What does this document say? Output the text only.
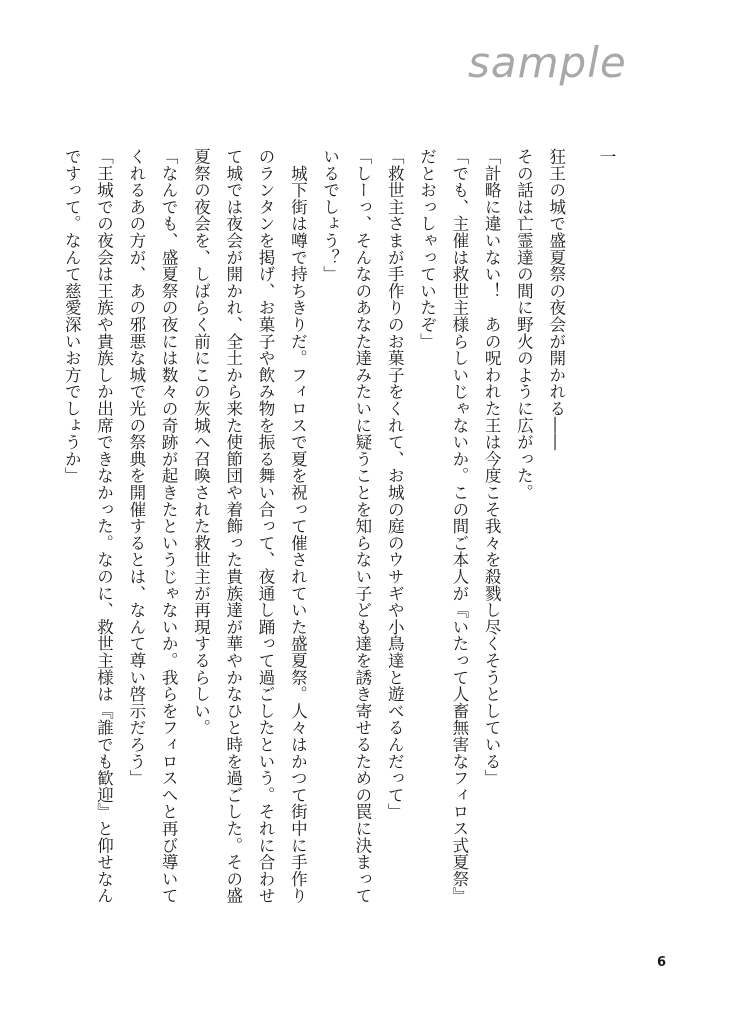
sample
一
狂王の城で盛夏祭の夜会が開かれる――
その話は亡霊達の間に野火のように広がった。
「計略に違いない！　あの呪われた王は今度こそ我々を殺戮し尽くそうとしている」
「でも、主催は救世主様らしいじゃないか。この間ご本人が『いたって人畜無害なフィロス式夏祭』
だとおっしゃっていたぞ」
「救世主さまが手作りのお菓子をくれて、お城の庭のウサギや小鳥達と遊べるんだって」
「しーっ、そんなのあなた達みたいに疑うことを知らない子ども達を誘き寄せるための罠に決まって
いるでしょう？」
　城下街は噂で持ちきりだ。フィロスで夏を祝って催されていた盛夏祭。人々はかつて街中に手作り
のランタンを掲げ、お菓子や飲み物を振る舞い合って、夜通し踊って過ごしたという。それに合わせ
て城では夜会が開かれ、全土から来た使節団や着飾った貴族達が華やかなひと時を過ごした。その盛
夏祭の夜会を、しばらく前にこの灰城へ召喚された救世主が再現するらしい。
「なんでも、盛夏祭の夜には数々の奇跡が起きたというじゃないか。我らをフィロスへと再び導いて
くれるあの方が、あの邪悪な城で光の祭典を開催するとは、なんて尊い啓示だろう」
「王城での夜会は王族や貴族しか出席できなかった。なのに、救世主様は『誰でも歓迎』と仰せなん
ですって。なんて慈愛深いお方でしょうか」
6
